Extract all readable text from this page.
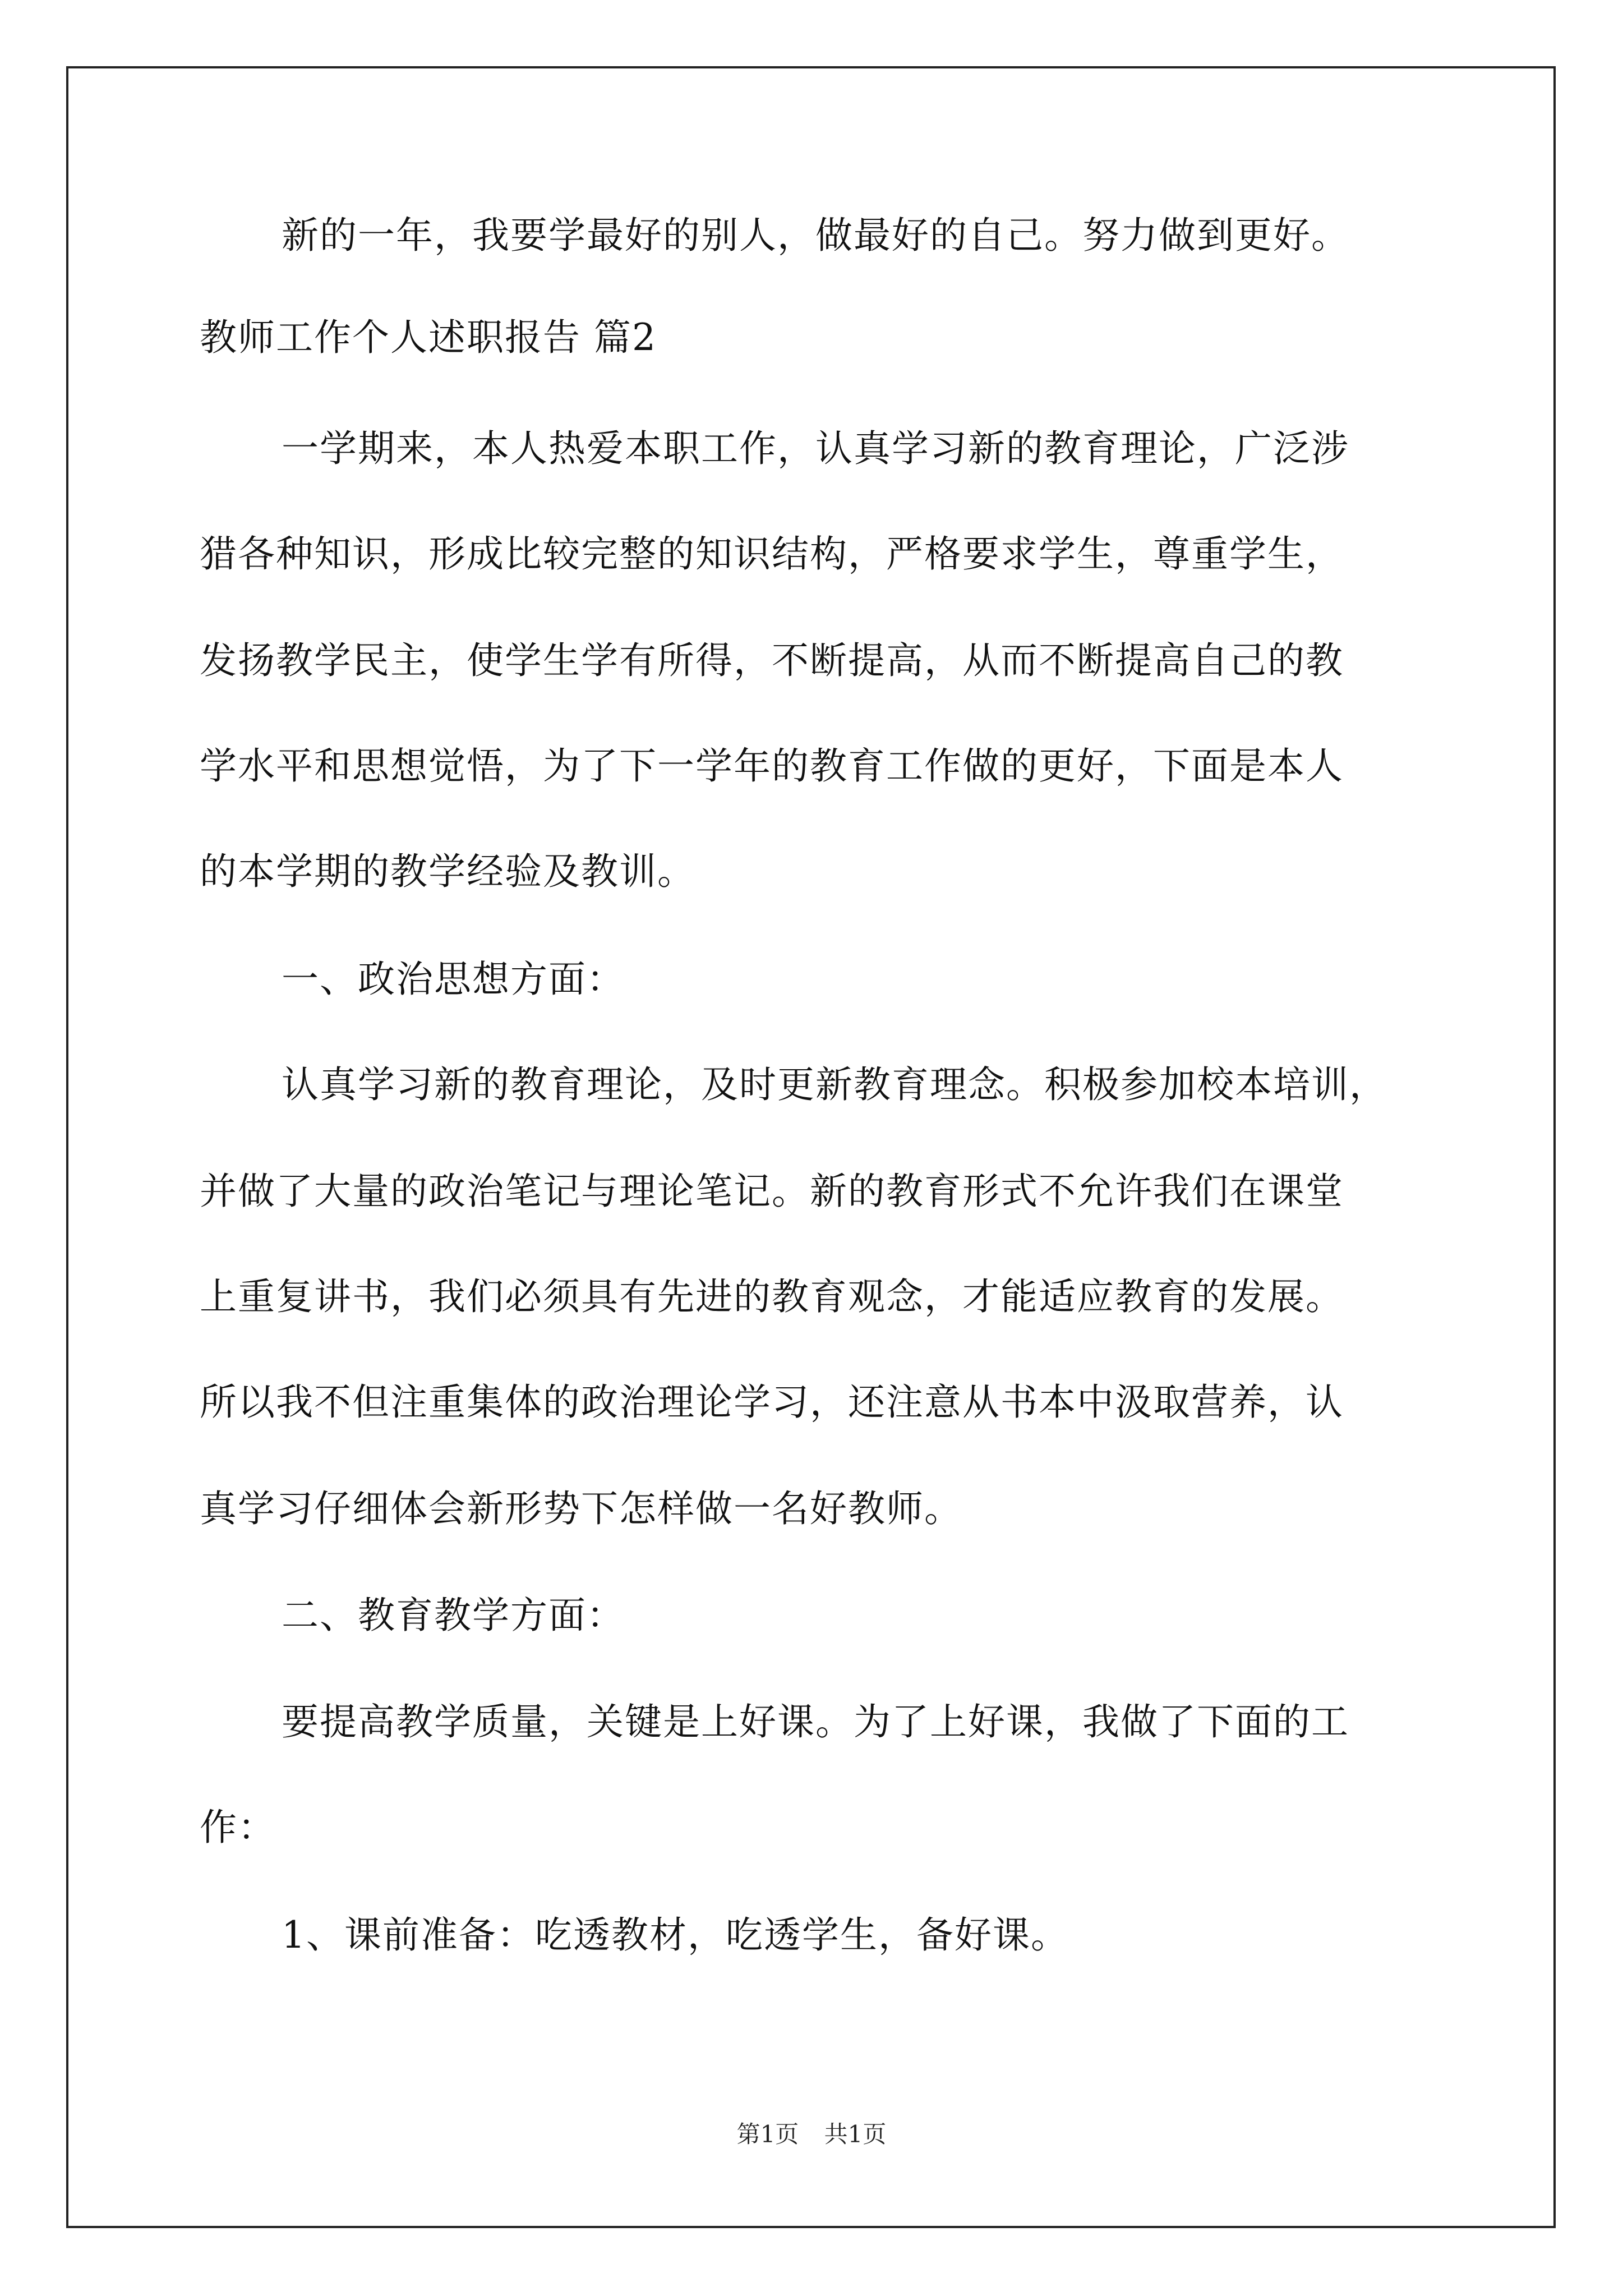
新的一年，我要学最好的别人，做最好的自己。努力做到更好。
教师工作个人述职报告 篇2
一学期来，本人热爱本职工作，认真学习新的教育理论，广泛涉
猎各种知识，形成比较完整的知识结构，严格要求学生，尊重学生，
发扬教学民主，使学生学有所得，不断提高，从而不断提高自己的教
学水平和思想觉悟，为了下一学年的教育工作做的更好，下面是本人
的本学期的教学经验及教训。
一、政治思想方面：
认真学习新的教育理论，及时更新教育理念。积极参加校本培训，
并做了大量的政治笔记与理论笔记。新的教育形式不允许我们在课堂
上重复讲书，我们必须具有先进的教育观念，才能适应教育的发展。
所以我不但注重集体的政治理论学习，还注意从书本中汲取营养，认
真学习仔细体会新形势下怎样做一名好教师。
二、教育教学方面：
要提高教学质量，关键是上好课。为了上好课，我做了下面的工
作：
1、课前准备：吃透教材，吃透学生，备好课。
第1页 共1页
